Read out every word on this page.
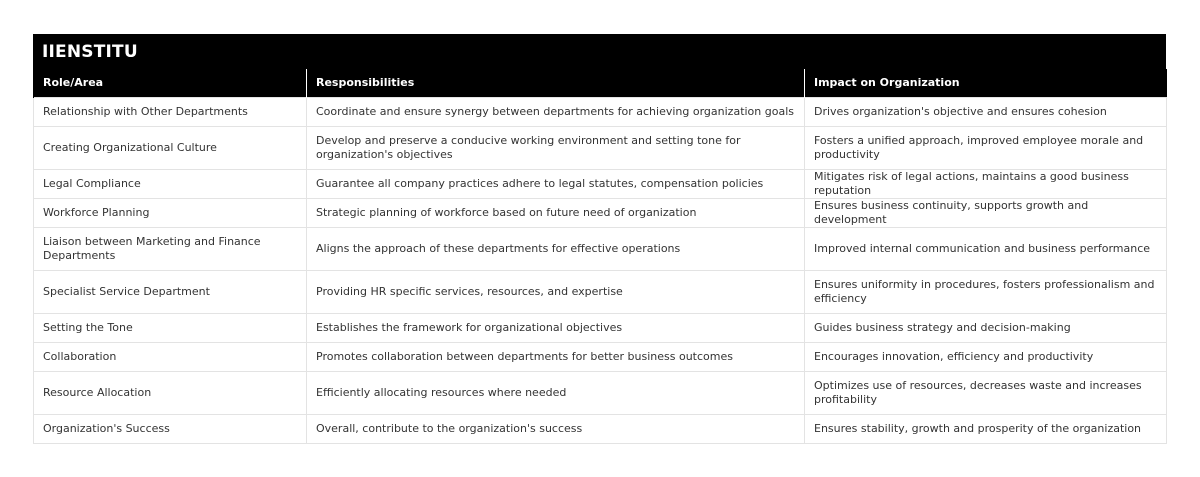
IIENSTITU
Role/Area	Responsibilities	Impact on Organization
Relationship with Other Departments	Coordinate and ensure synergy between departments for achieving organization goals	Drives organization's objective and ensures cohesion
Creating Organizational Culture	Develop and preserve a conducive working environment and setting tone for organization's objectives	Fosters a unified approach, improved employee morale and productivity
Legal Compliance	Guarantee all company practices adhere to legal statutes, compensation policies	Mitigates risk of legal actions, maintains a good business reputation
Workforce Planning	Strategic planning of workforce based on future need of organization	Ensures business continuity, supports growth and development
Liaison between Marketing and Finance Departments	Aligns the approach of these departments for effective operations	Improved internal communication and business performance
Specialist Service Department	Providing HR specific services, resources, and expertise	Ensures uniformity in procedures, fosters professionalism and efficiency
Setting the Tone	Establishes the framework for organizational objectives	Guides business strategy and decision-making
Collaboration	Promotes collaboration between departments for better business outcomes	Encourages innovation, efficiency and productivity
Resource Allocation	Efficiently allocating resources where needed	Optimizes use of resources, decreases waste and increases profitability
Organization's Success	Overall, contribute to the organization's success	Ensures stability, growth and prosperity of the organization
